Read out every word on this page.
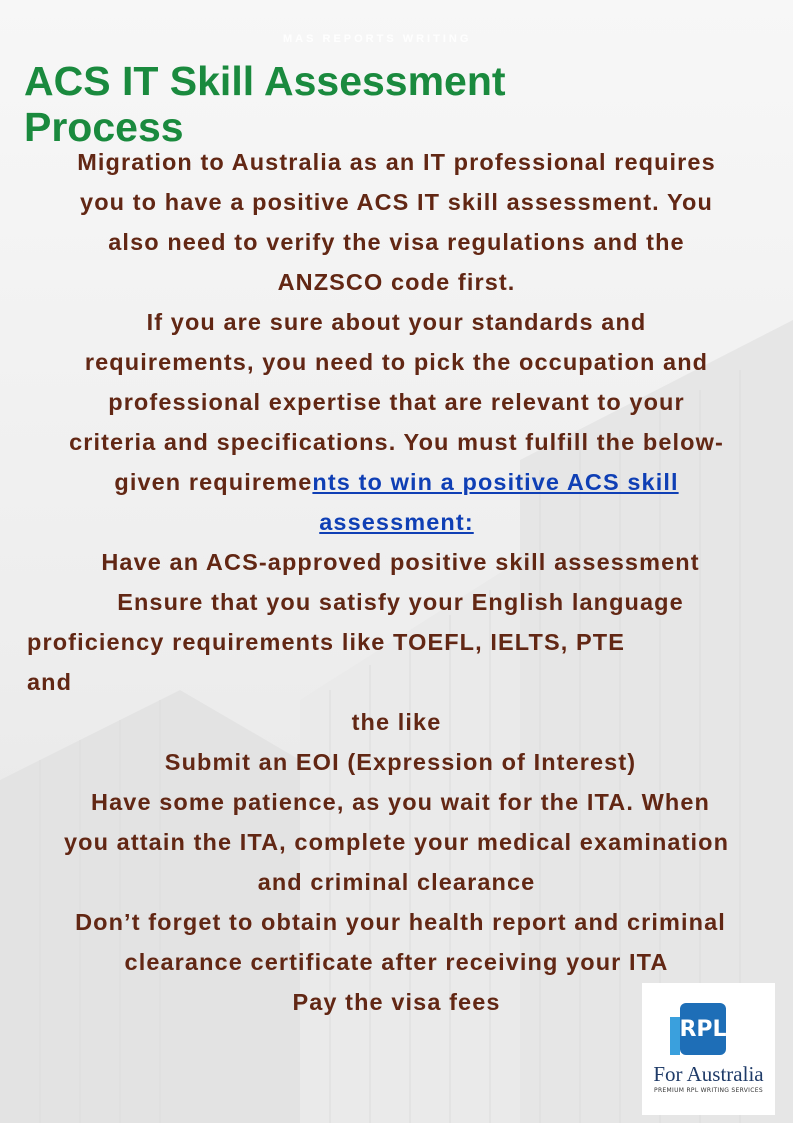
MAS REPORTS WRITING
ACS IT Skill Assessment Process
Migration to Australia as an IT professional requires
you to have a positive ACS IT skill assessment. You
also need to verify the visa regulations and the
ANZSCO code first.
If you are sure about your standards and
requirements, you need to pick the occupation and
professional expertise that are relevant to your
criteria and specifications. You must fulfill the below-
given requirements to win a positive ACS skill
assessment:
Have an ACS-approved positive skill assessment
Ensure that you satisfy your English language
proficiency requirements like TOEFL, IELTS, PTE
and
the like
Submit an EOI (Expression of Interest)
Have some patience, as you wait for the ITA. When
you attain the ITA, complete your medical examination
and criminal clearance
Don’t forget to obtain your health report and criminal
clearance certificate after receiving your ITA
Pay the visa fees
RPL
For Australia
PREMIUM RPL WRITING SERVICES
